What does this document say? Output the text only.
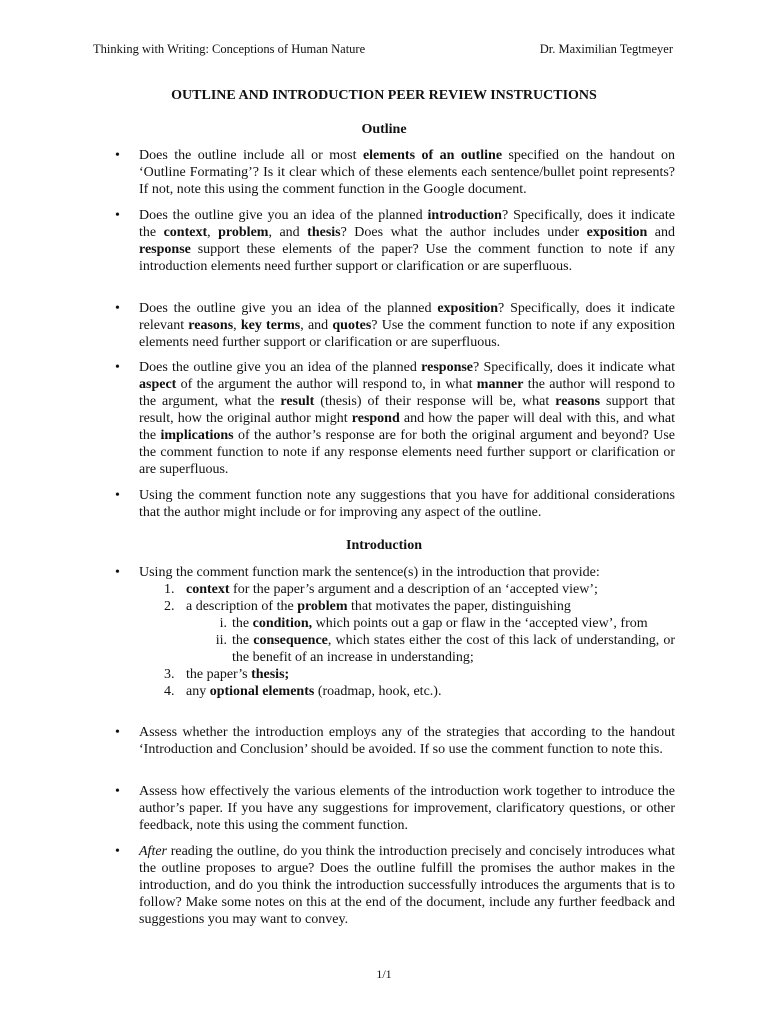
Thinking with Writing: Conceptions of Human Nature	Dr. Maximilian Tegtmeyer
OUTLINE AND INTRODUCTION PEER REVIEW INSTRUCTIONS
Outline
• Does the outline include all or most elements of an outline specified on the handout on ‘Outline Formating’? Is it clear which of these elements each sentence/bullet point represents? If not, note this using the comment function in the Google document.
• Does the outline give you an idea of the planned introduction? Specifically, does it indicate the context, problem, and thesis? Does what the author includes under exposition and response support these elements of the paper? Use the comment function to note if any introduction elements need further support or clarification or are superfluous.
• Does the outline give you an idea of the planned exposition? Specifically, does it indicate relevant reasons, key terms, and quotes? Use the comment function to note if any exposition elements need further support or clarification or are superfluous.
• Does the outline give you an idea of the planned response? Specifically, does it indicate what aspect of the argument the author will respond to, in what manner the author will respond to the argument, what the result (thesis) of their response will be, what reasons support that result, how the original author might respond and how the paper will deal with this, and what the implications of the author’s response are for both the original argument and beyond? Use the comment function to note if any response elements need further support or clarification or are superfluous.
• Using the comment function note any suggestions that you have for additional considerations that the author might include or for improving any aspect of the outline.
Introduction
• Using the comment function mark the sentence(s) in the introduction that provide:
1. context for the paper’s argument and a description of an ‘accepted view’;
2. a description of the problem that motivates the paper, distinguishing
i. the condition, which points out a gap or flaw in the ‘accepted view’, from
ii. the consequence, which states either the cost of this lack of understanding, or the benefit of an increase in understanding;
3. the paper’s thesis;
4. any optional elements (roadmap, hook, etc.).
• Assess whether the introduction employs any of the strategies that according to the handout ‘Introduction and Conclusion’ should be avoided. If so use the comment function to note this.
• Assess how effectively the various elements of the introduction work together to introduce the author’s paper. If you have any suggestions for improvement, clarificatory questions, or other feedback, note this using the comment function.
• After reading the outline, do you think the introduction precisely and concisely introduces what the outline proposes to argue? Does the outline fulfill the promises the author makes in the introduction, and do you think the introduction successfully introduces the arguments that is to follow? Make some notes on this at the end of the document, include any further feedback and suggestions you may want to convey.
1/1
